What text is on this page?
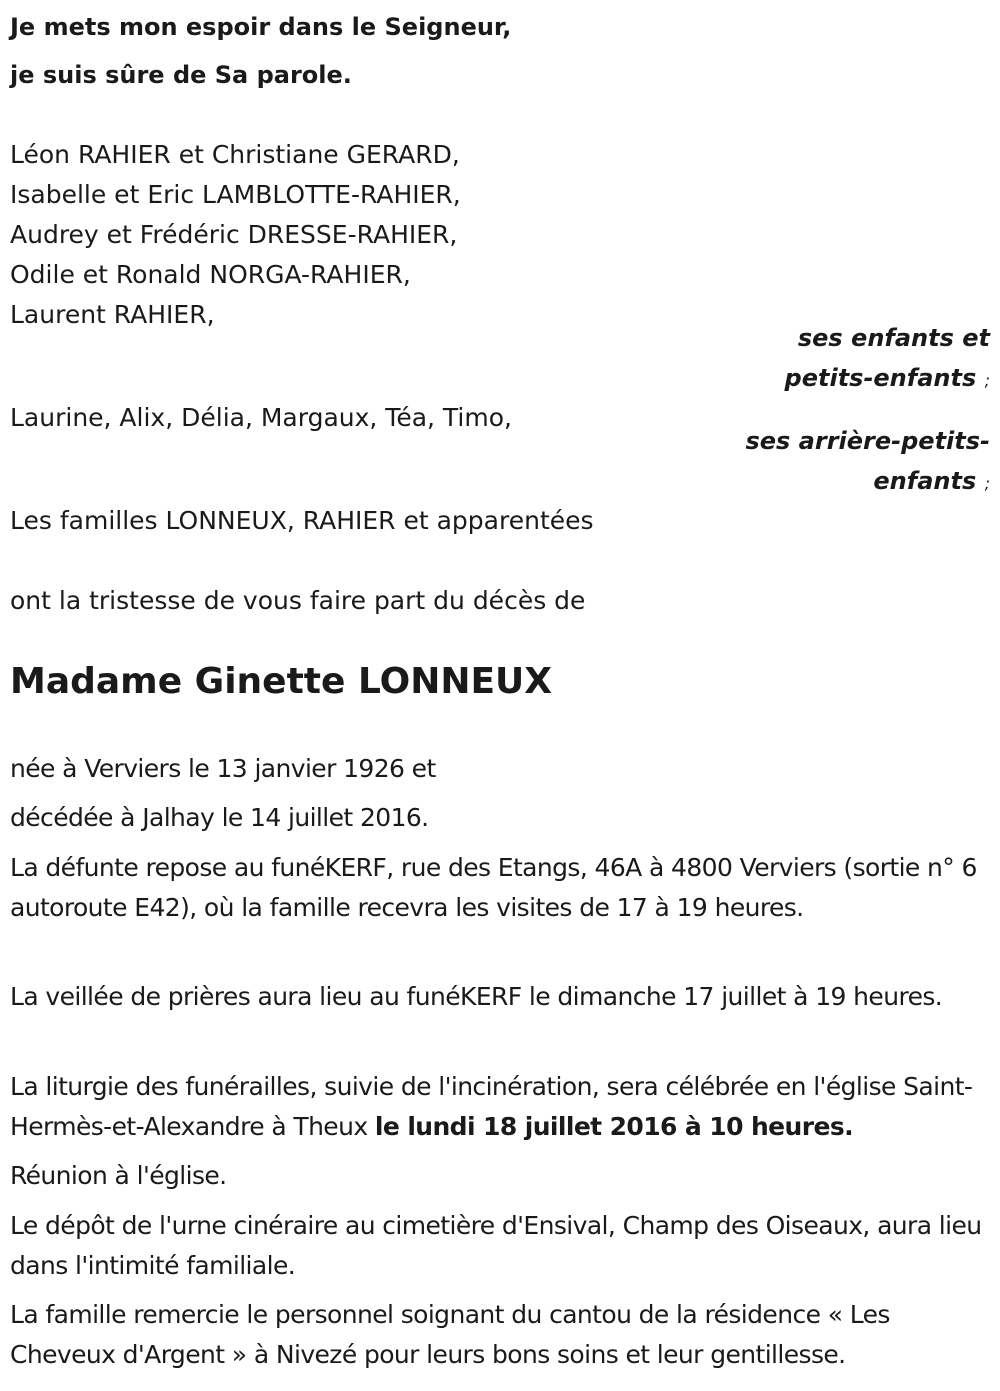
Je mets mon espoir dans le Seigneur,
je suis sûre de Sa parole.
Léon RAHIER et Christiane GERARD,
Isabelle et Eric LAMBLOTTE-RAHIER,
Audrey et Frédéric DRESSE-RAHIER,
Odile et Ronald NORGA-RAHIER,
Laurent RAHIER,
ses enfants et
petits-enfants ;
Laurine, Alix, Délia, Margaux, Téa, Timo,
ses arrière-petits-
enfants ;
Les familles LONNEUX, RAHIER et apparentées
ont la tristesse de vous faire part du décès de
Madame Ginette LONNEUX
née à Verviers le 13 janvier 1926 et
décédée à Jalhay le 14 juillet 2016.
La défunte repose au funéKERF, rue des Etangs, 46A à 4800 Verviers (sortie n° 6 autoroute E42), où la famille recevra les visites de 17 à 19 heures.
La veillée de prières aura lieu au funéKERF le dimanche 17 juillet à 19 heures.
La liturgie des funérailles, suivie de l'incinération, sera célébrée en l'église Saint-Hermès-et-Alexandre à Theux le lundi 18 juillet 2016 à 10 heures.
Réunion à l'église.
Le dépôt de l'urne cinéraire au cimetière d'Ensival, Champ des Oiseaux, aura lieu dans l'intimité familiale.
La famille remercie le personnel soignant du cantou de la résidence « Les Cheveux d'Argent » à Nivezé pour leurs bons soins et leur gentillesse.
